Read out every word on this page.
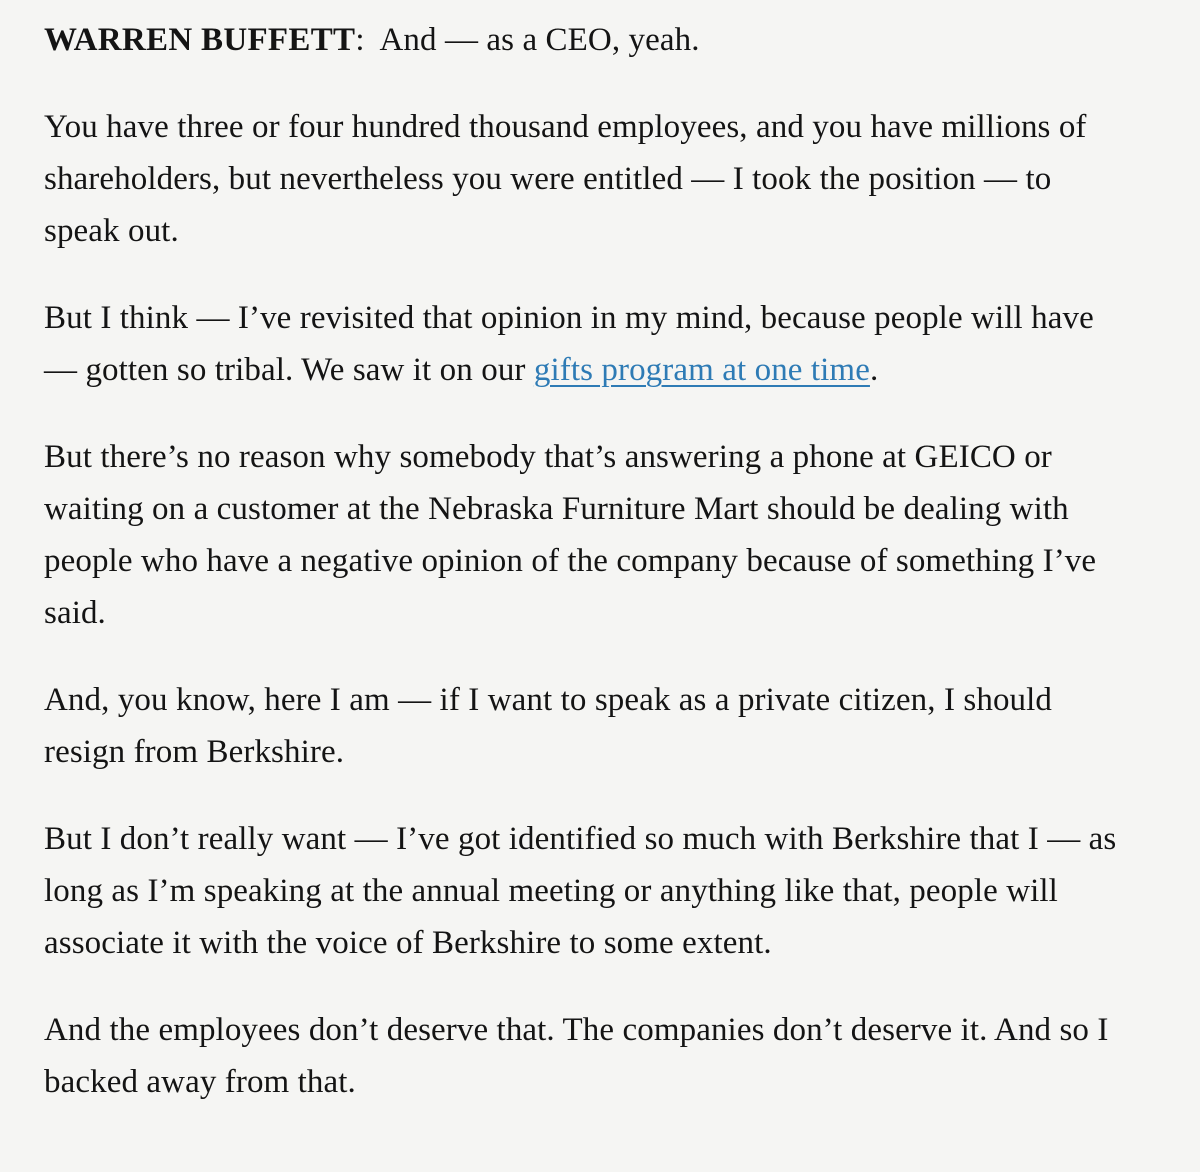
WARREN BUFFETT:  And — as a CEO, yeah.

You have three or four hundred thousand employees, and you have millions of shareholders, but nevertheless you were entitled — I took the position — to speak out.

But I think — I’ve revisited that opinion in my mind, because people will have — gotten so tribal. We saw it on our gifts program at one time.

But there’s no reason why somebody that’s answering a phone at GEICO or waiting on a customer at the Nebraska Furniture Mart should be dealing with people who have a negative opinion of the company because of something I’ve said.

And, you know, here I am — if I want to speak as a private citizen, I should resign from Berkshire.

But I don’t really want — I’ve got identified so much with Berkshire that I — as long as I’m speaking at the annual meeting or anything like that, people will associate it with the voice of Berkshire to some extent.

And the employees don’t deserve that. The companies don’t deserve it. And so I backed away from that.
